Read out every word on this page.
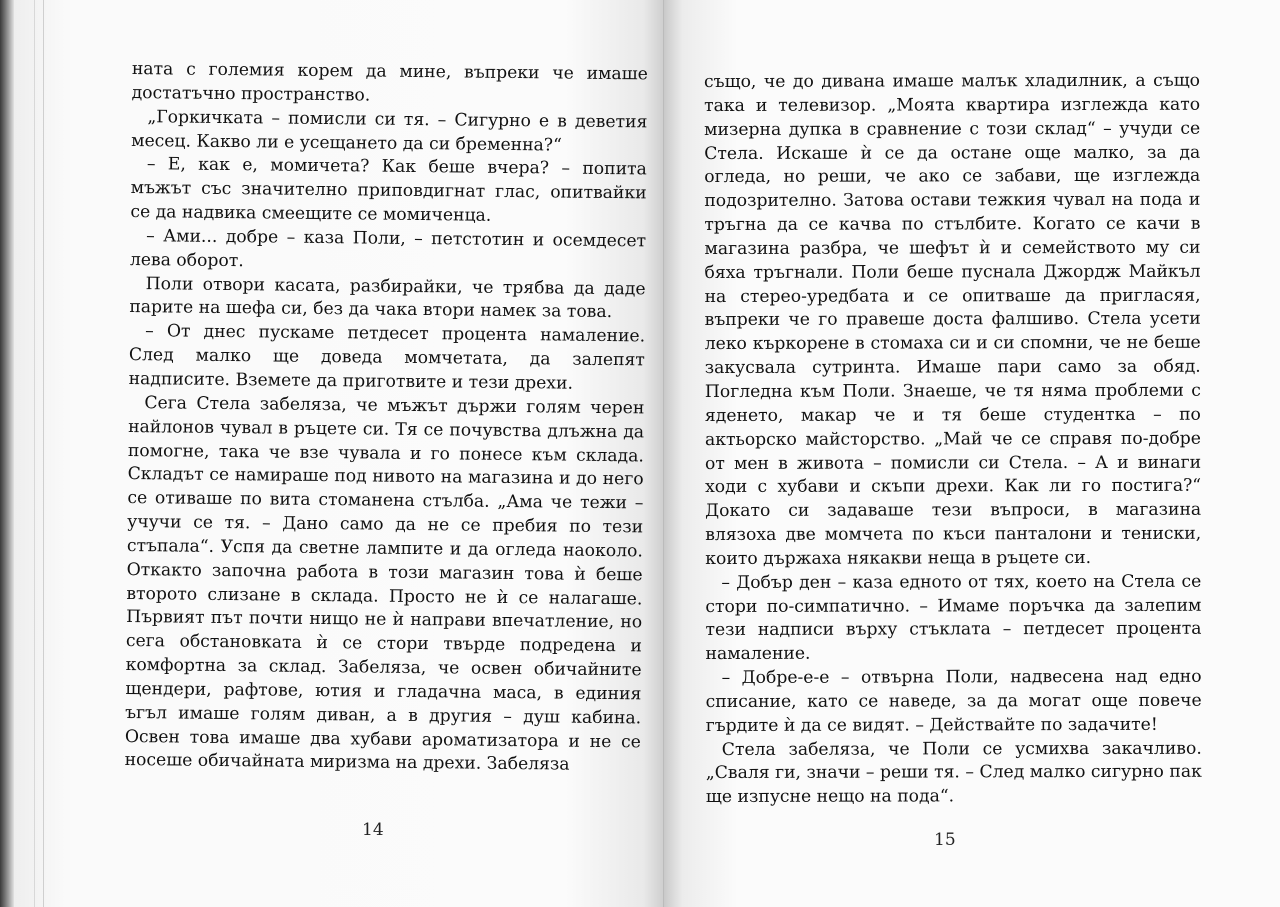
ната с големия корем да мине, въпреки че имаше достатъчно пространство.

„Горкичката – помисли си тя. – Сигурно е в деветия месец. Какво ли е усещането да си бременна?“

– Е, как е, момичета? Как беше вчера? – попита мъжът със значително приповдигнат глас, опитвайки се да надвика смеещите се момиченца.

– Ами... добре – каза Поли, – петстотин и осемдесет лева оборот.

Поли отвори касата, разбирайки, че трябва да даде парите на шефа си, без да чака втори намек за това.

– От днес пускаме петдесет процента намаление. След малко ще доведа момчетата, да залепят надписите. Вземете да приготвите и тези дрехи.

Сега Стела забеляза, че мъжът държи голям черен найлонов чувал в ръцете си. Тя се почувства длъжна да помогне, така че взе чувала и го понесе към склада. Складът се намираше под нивото на магазина и до него се отиваше по вита стоманена стълба. „Ама че тежи – учучи се тя. – Дано само да не се пребия по тези стъпала“. Успя да светне лампите и да огледа наоколо. Откакто започна работа в този магазин това ѝ беше второто слизане в склада. Просто не ѝ се налагаше. Първият път почти нищо не ѝ направи впечатление, но сега обстановката ѝ се стори твърде подредена и комфортна за склад. Забеляза, че освен обичайните щендери, рафтове, ютия и гладачна маса, в единия ъгъл имаше голям диван, а в другия – душ кабина. Освен това имаше два хубави ароматизатора и не се носеше обичайната миризма на дрехи. Забеляза

14

също, че до дивана имаше малък хладилник, а също така и телевизор. „Моята квартира изглежда като мизерна дупка в сравнение с този склад“ – учуди се Стела. Искаше ѝ се да остане още малко, за да огледа, но реши, че ако се забави, ще изглежда подозрително. Затова остави тежкия чувал на пода и тръгна да се качва по стълбите. Когато се качи в магазина разбра, че шефът ѝ и семейството му си бяха тръгнали. Поли беше пуснала Джордж Майкъл на стерео-уредбата и се опитваше да пригласяя, въпреки че го правеше доста фалшиво. Стела усети леко къркорене в стомаха си и си спомни, че не беше закусвала сутринта. Имаше пари само за обяд. Погледна към Поли. Знаеше, че тя няма проблеми с яденето, макар че и тя беше студентка – по актьорско майсторство. „Май че се справя по-добре от мен в живота – помисли си Стела. – А и винаги ходи с хубави и скъпи дрехи. Как ли го постига?“ Докато си задаваше тези въпроси, в магазина влязоха две момчета по къси панталони и тениски, които държаха някакви неща в ръцете си.

– Добър ден – каза едното от тях, което на Стела се стори по-симпатично. – Имаме поръчка да залепим тези надписи върху стъклата – петдесет процента намаление.

– Добре-е-е – отвърна Поли, надвесена над едно списание, като се наведе, за да могат още повече гърдите ѝ да се видят. – Действайте по задачите!

Стела забеляза, че Поли се усмихва закачливо. „Сваля ги, значи – реши тя. – След малко сигурно пак ще изпусне нещо на пода“.

15
